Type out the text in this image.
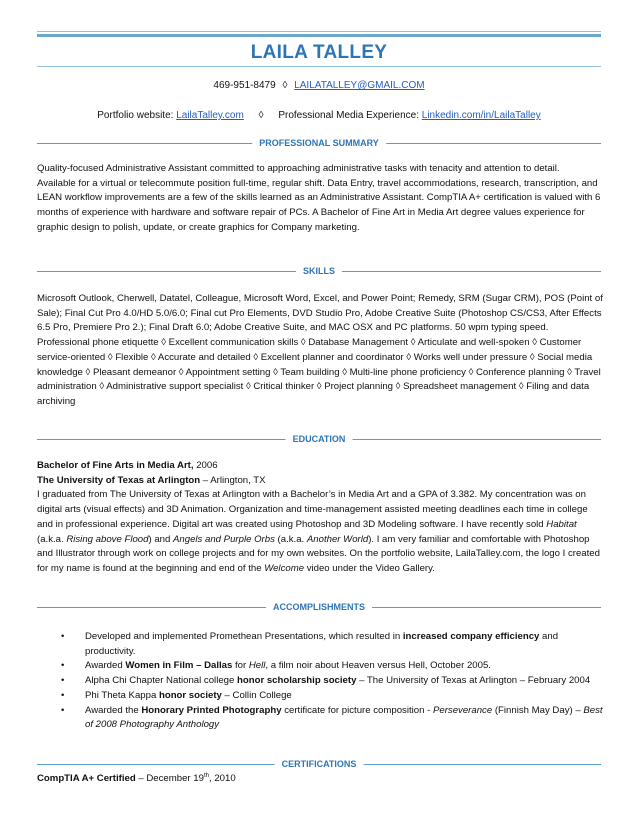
LAILA TALLEY
469-951-8479 ◊ LAILATALLEY@GMAIL.COM
Portfolio website: LailaTalley.com ◊ Professional Media Experience: Linkedin.com/in/LailaTalley
PROFESSIONAL SUMMARY

Quality-focused Administrative Assistant committed to approaching administrative tasks with tenacity and attention to detail.

Available for a virtual or telecommute position full-time, regular shift. Data Entry, travel accommodations, research, transcription, and LEAN workflow improvements are a few of the skills learned as an Administrative Assistant. CompTIA A+ certification is valued with 6 months of experience with hardware and software repair of PCs. A Bachelor of Fine Art in Media Art degree values experience for graphic design to polish, update, or create graphics for Company marketing.

SKILLS

Microsoft Outlook, Cherwell, Datatel, Colleague, Microsoft Word, Excel, and Power Point; Remedy, SRM (Sugar CRM), POS (Point of Sale); Final Cut Pro 4.0/HD 5.0/6.0; Final cut Pro Elements, DVD Studio Pro, Adobe Creative Suite (Photoshop CS/CS3, After Effects 6.5 Pro, Premiere Pro 2.); Final Draft 6.0; Adobe Creative Suite, and MAC OSX and PC platforms. 50 wpm typing speed.

Professional phone etiquette ◊ Excellent communication skills ◊ Database Management ◊ Articulate and well-spoken ◊ Customer service-oriented ◊ Flexible ◊ Accurate and detailed ◊ Excellent planner and coordinator ◊ Works well under pressure ◊ Social media knowledge ◊ Pleasant demeanor ◊ Appointment setting ◊ Team building ◊ Multi-line phone proficiency ◊ Conference planning ◊ Travel administration ◊ Administrative support specialist ◊ Critical thinker ◊ Project planning ◊ Spreadsheet management ◊ Filing and data archiving

EDUCATION

Bachelor of Fine Arts in Media Art, 2006

The University of Texas at Arlington – Arlington, TX

I graduated from The University of Texas at Arlington with a Bachelor’s in Media Art and a GPA of 3.382. My concentration was on digital arts (visual effects) and 3D Animation. Organization and time-management assisted meeting deadlines each time in college and in professional experience. Digital art was created using Photoshop and 3D Modeling software. I have recently sold Habitat (a.k.a. Rising above Flood) and Angels and Purple Orbs (a.k.a. Another World). I am very familiar and comfortable with Photoshop and Illustrator through work on college projects and for my own websites. On the portfolio website, LailaTalley.com, the logo I created for my name is found at the beginning and end of the Welcome video under the Video Gallery.

ACCOMPLISHMENTS
• Developed and implemented Promethean Presentations, which resulted in increased company efficiency and productivity.
• Awarded Women in Film – Dallas for Hell, a film noir about Heaven versus Hell, October 2005.
• Alpha Chi Chapter National college honor scholarship society – The University of Texas at Arlington – February 2004
• Phi Theta Kappa honor society – Collin College
• Awarded the Honorary Printed Photography certificate for picture composition - Perseverance (Finnish May Day) – Best of 2008 Photography Anthology
CERTIFICATIONS

CompTIA A+ Certified – December 19th, 2010
